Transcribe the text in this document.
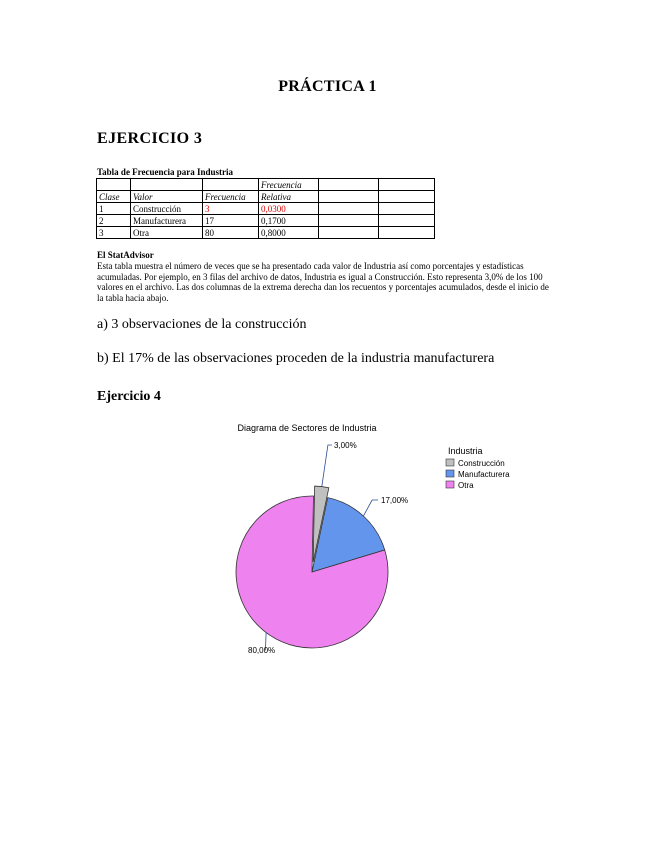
PRÁCTICA 1
EJERCICIO 3
Tabla de Frecuencia para Industria
			Frecuencia		
Clase	Valor	Frecuencia	Relativa		
1	Construcción	3	0,0300		
2	Manufacturera	17	0,1700		
3	Otra	80	0,8000		
El StatAdvisor
Esta tabla muestra el número de veces que se ha presentado cada valor de Industria así como porcentajes y estadísticas acumuladas. Por ejemplo, en 3 filas del archivo de datos, Industria es igual a Construcción. Esto representa 3,0% de los 100 valores en el archivo. Las dos columnas de la extrema derecha dan los recuentos y porcentajes acumulados, desde el inicio de la tabla hacia abajo.
a) 3 observaciones de la construcción
b) El 17% de las observaciones proceden de la industria manufacturera
Ejercicio 4
Diagrama de Sectores de Industria
3,00%
17,00%
80,00%
Industria
Construcción
Manufacturera
Otra
